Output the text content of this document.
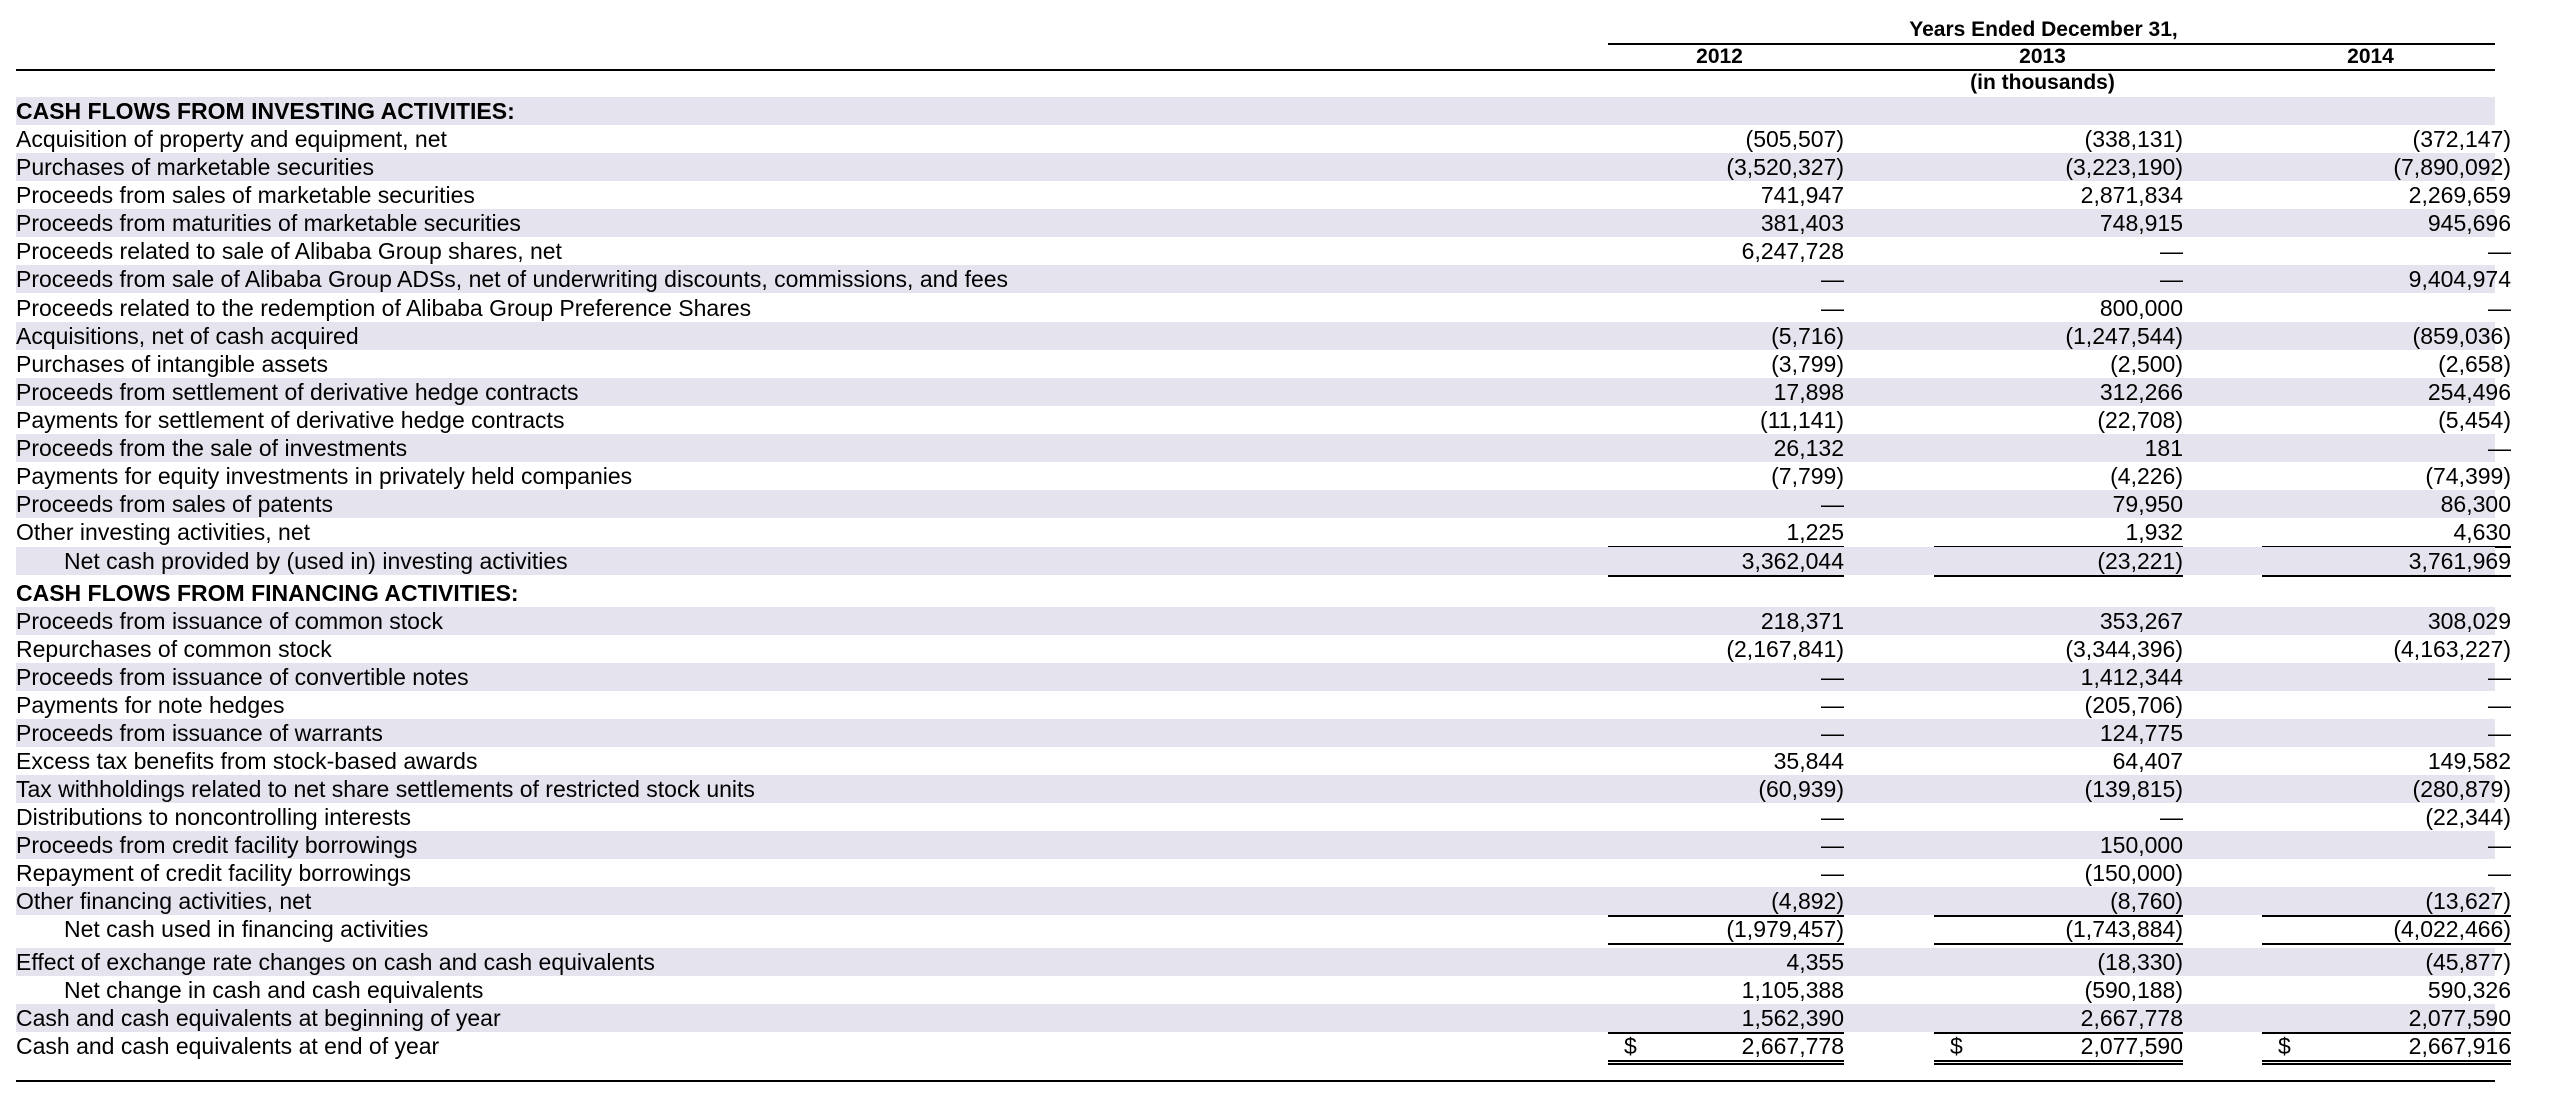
Years Ended December 31,
2012	2013	2014
(in thousands)
CASH FLOWS FROM INVESTING ACTIVITIES:
Acquisition of property and equipment, net	(505,507)	(338,131)	(372,147)
Purchases of marketable securities	(3,520,327)	(3,223,190)	(7,890,092)
Proceeds from sales of marketable securities	741,947	2,871,834	2,269,659
Proceeds from maturities of marketable securities	381,403	748,915	945,696
Proceeds related to sale of Alibaba Group shares, net	6,247,728	—	—
Proceeds from sale of Alibaba Group ADSs, net of underwriting discounts, commissions, and fees	—	—	9,404,974
Proceeds related to the redemption of Alibaba Group Preference Shares	—	800,000	—
Acquisitions, net of cash acquired	(5,716)	(1,247,544)	(859,036)
Purchases of intangible assets	(3,799)	(2,500)	(2,658)
Proceeds from settlement of derivative hedge contracts	17,898	312,266	254,496
Payments for settlement of derivative hedge contracts	(11,141)	(22,708)	(5,454)
Proceeds from the sale of investments	26,132	181	—
Payments for equity investments in privately held companies	(7,799)	(4,226)	(74,399)
Proceeds from sales of patents	—	79,950	86,300
Other investing activities, net	1,225	1,932	4,630
Net cash provided by (used in) investing activities	3,362,044	(23,221)	3,761,969
CASH FLOWS FROM FINANCING ACTIVITIES:
Proceeds from issuance of common stock	218,371	353,267	308,029
Repurchases of common stock	(2,167,841)	(3,344,396)	(4,163,227)
Proceeds from issuance of convertible notes	—	1,412,344	—
Payments for note hedges	—	(205,706)	—
Proceeds from issuance of warrants	—	124,775	—
Excess tax benefits from stock-based awards	35,844	64,407	149,582
Tax withholdings related to net share settlements of restricted stock units	(60,939)	(139,815)	(280,879)
Distributions to noncontrolling interests	—	—	(22,344)
Proceeds from credit facility borrowings	—	150,000	—
Repayment of credit facility borrowings	—	(150,000)	—
Other financing activities, net	(4,892)	(8,760)	(13,627)
Net cash used in financing activities	(1,979,457)	(1,743,884)	(4,022,466)
Effect of exchange rate changes on cash and cash equivalents	4,355	(18,330)	(45,877)
Net change in cash and cash equivalents	1,105,388	(590,188)	590,326
Cash and cash equivalents at beginning of year	1,562,390	2,667,778	2,077,590
Cash and cash equivalents at end of year	$	2,667,778	$	2,077,590	$	2,667,916
